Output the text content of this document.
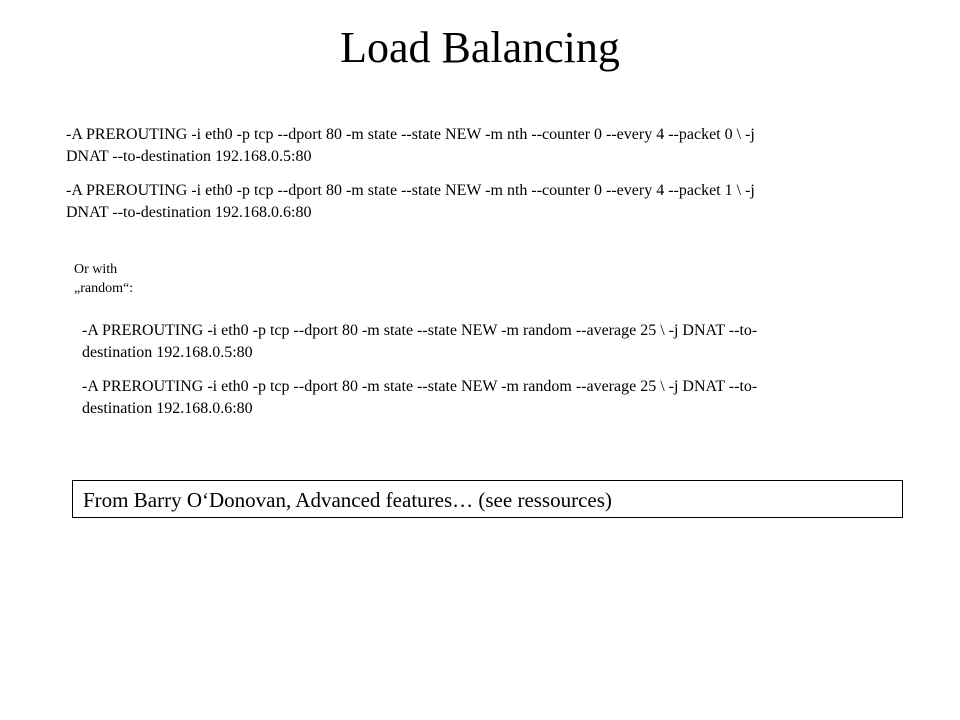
Load Balancing

-A PREROUTING -i eth0 -p tcp --dport 80 -m state --state NEW -m nth --counter 0 --every 4 --packet 0 \ -j
DNAT --to-destination 192.168.0.5:80

-A PREROUTING -i eth0 -p tcp --dport 80 -m state --state NEW -m nth --counter 0 --every 4 --packet 1 \ -j
DNAT --to-destination 192.168.0.6:80

Or with
„random“:

-A PREROUTING -i eth0 -p tcp --dport 80 -m state --state NEW -m random --average 25 \ -j DNAT --to-
destination 192.168.0.5:80

-A PREROUTING -i eth0 -p tcp --dport 80 -m state --state NEW -m random --average 25 \ -j DNAT --to-
destination 192.168.0.6:80

From Barry O‘Donovan, Advanced features… (see ressources)
